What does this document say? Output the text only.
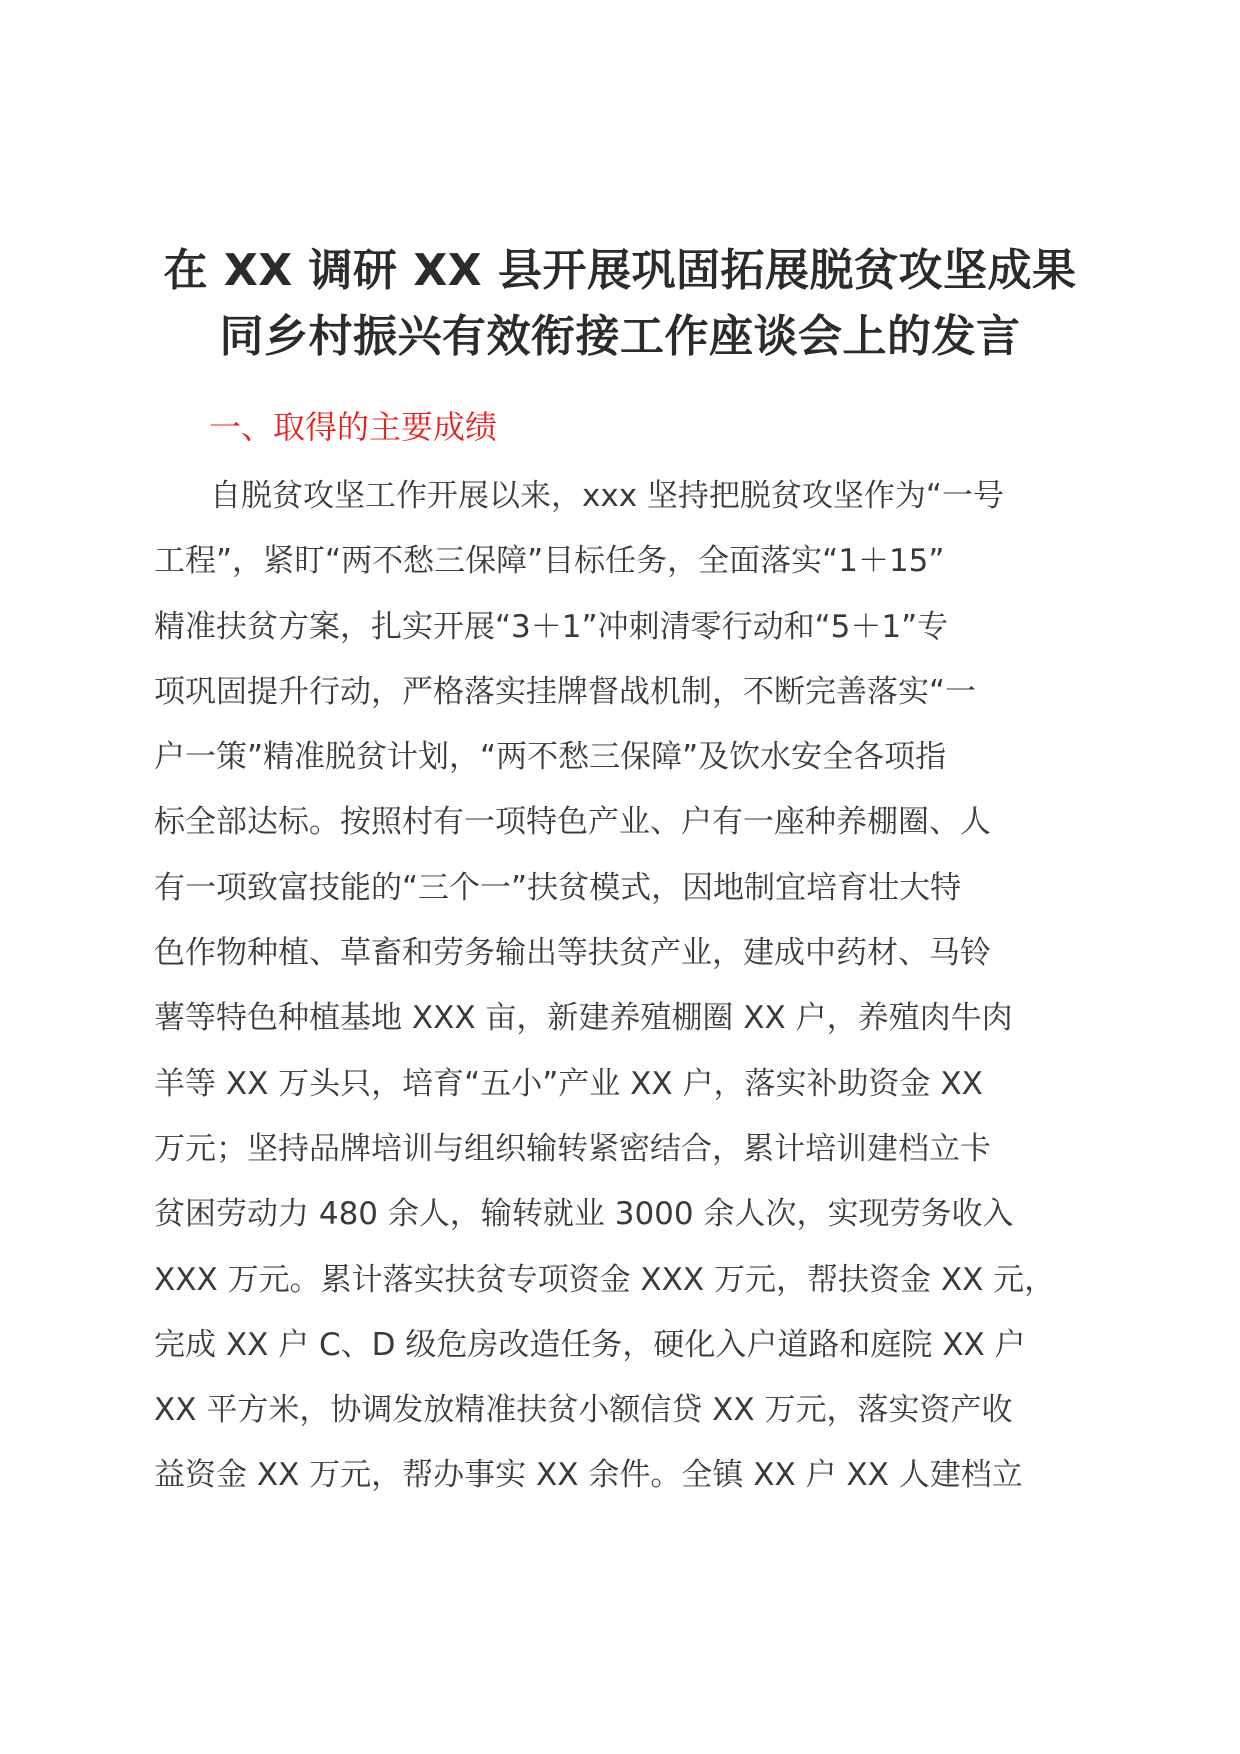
在 XX 调研 XX 县开展巩固拓展脱贫攻坚成果
同乡村振兴有效衔接工作座谈会上的发言
一、取得的主要成绩

自脱贫攻坚工作开展以来，xxx 坚持把脱贫攻坚作为“一号
工程”，紧盯“两不愁三保障”目标任务，全面落实“1＋15”
精准扶贫方案，扎实开展“3＋1”冲刺清零行动和“5＋1”专
项巩固提升行动，严格落实挂牌督战机制，不断完善落实“一
户一策”精准脱贫计划，“两不愁三保障”及饮水安全各项指
标全部达标。按照村有一项特色产业、户有一座种养棚圈、人
有一项致富技能的“三个一”扶贫模式，因地制宜培育壮大特
色作物种植、草畜和劳务输出等扶贫产业，建成中药材、马铃
薯等特色种植基地 XXX 亩，新建养殖棚圈 XX 户，养殖肉牛肉
羊等 XX 万头只，培育“五小”产业 XX 户，落实补助资金 XX
万元；坚持品牌培训与组织输转紧密结合，累计培训建档立卡
贫困劳动力 480 余人，输转就业 3000 余人次，实现劳务收入
XXX 万元。累计落实扶贫专项资金 XXX 万元，帮扶资金 XX 元，
完成 XX 户 C、D 级危房改造任务，硬化入户道路和庭院 XX 户
XX 平方米，协调发放精准扶贫小额信贷 XX 万元，落实资产收
益资金 XX 万元，帮办事实 XX 余件。全镇 XX 户 XX 人建档立
